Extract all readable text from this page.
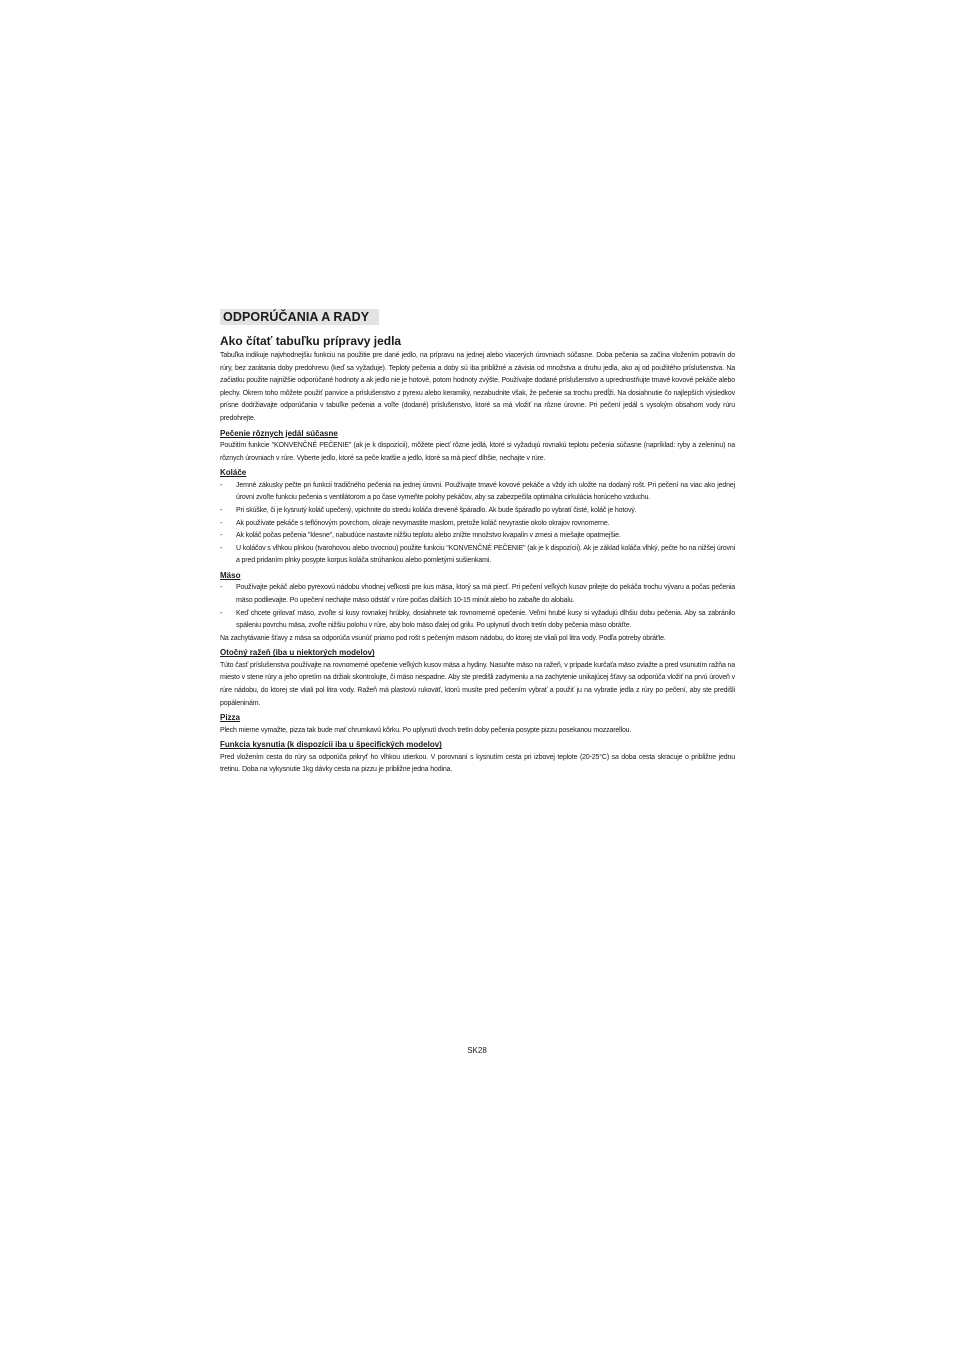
ODPORÚČANIA A RADY
Ako čítať tabuľku prípravy jedla

Tabuľka indikuje najvhodnejšiu funkciu na použitie pre dané jedlo, na prípravu na jednej alebo viacerých úrovniach súčasne. Doba pečenia sa začína vložením potravín do rúry, bez zarátania doby predohrevu (keď sa vyžaduje). Teploty pečenia a doby sú iba približné a závisia od množstva a druhu jedla, ako aj od použitého príslušenstva. Na začiatku použite najnižšie odporúčané hodnoty a ak jedlo nie je hotové, potom hodnoty zvýšte. Používajte dodané príslušenstvo a uprednostňujte tmavé kovové pekáče alebo plechy. Okrem toho môžete použiť panvice a príslušenstvo z pyrexu alebo keramiky, nezabudnite však, že pečenie sa trochu predĺži. Na dosiahnutie čo najlepších výsledkov prísne dodržiavajte odporúčania v tabuľke pečenia a voľte (dodané) príslušenstvo, ktoré sa má vložiť na rôzne úrovne. Pri pečení jedál s vysokým obsahom vody rúru predohrejte.

Pečenie rôznych jedál súčasne

Použitím funkcie "KONVENČNÉ PEČENIE" (ak je k dispozícii), môžete piecť rôzne jedlá, ktoré si vyžadujú rovnakú teplotu pečenia súčasne (napríklad: ryby a zeleninu) na rôznych úrovniach v rúre. Vyberte jedlo, ktoré sa peče kratšie a jedlo, ktoré sa má piecť dlhšie, nechajte v rúre.

Koláče
- Jemné zákusky pečte pri funkcii tradičného pečenia na jednej úrovni. Používajte tmavé kovové pekáče a vždy ich uložte na dodaný rošt. Pri pečení na viac ako jednej úrovni zvoľte funkciu pečenia s ventilátorom a po čase vymeňte polohy pekáčov, aby sa zabezpečila optimálna cirkulácia horúceho vzduchu.
- Pri skúške, či je kysnutý koláč upečený, vpichnite do stredu koláča drevené špáradlo. Ak bude špáradlo po vybratí čisté, koláč je hotový.
- Ak používate pekáče s teflónovým povrchom, okraje nevymastite maslom, pretože koláč nevyrastie okolo okrajov rovnomerne.
- Ak koláč počas pečenia "klesne", nabudúce nastavte nižšiu teplotu alebo znížte množstvo kvapalín v zmesi a miešajte opatrnejšie.
- U koláčov s vlhkou plnkou (tvarohovou alebo ovocnou) použite funkciu "KONVENČNÉ PEČENIE" (ak je k dispozícii). Ak je základ koláča vlhký, pečte ho na nižšej úrovni a pred pridaním plnky posypte korpus koláča strúhankou alebo pomletými sušienkami.
Mäso
- Používajte pekáč alebo pyrexovú nádobu vhodnej veľkosti pre kus mäsa, ktorý sa má piecť. Pri pečení veľkých kusov prilejte do pekáča trochu vývaru a počas pečenia mäso podlievajte. Po upečení nechajte mäso odstáť v rúre počas ďalších 10-15 minút alebo ho zabaľte do alobalu.
- Keď chcete grilovať mäso, zvoľte si kusy rovnakej hrúbky, dosiahnete tak rovnomerné opečenie. Veľmi hrubé kusy si vyžadujú dlhšiu dobu pečenia. Aby sa zabránilo spáleniu povrchu mäsa, zvoľte nižšiu polohu v rúre, aby bolo mäso ďalej od grilu. Po uplynutí dvoch tretín doby pečenia mäso obráťte.

Na zachytávanie šťavy z mäsa sa odporúča vsunúť priamo pod rošt s pečeným mäsom nádobu, do ktorej ste vliali pol litra vody. Podľa potreby obráťte.

Otočný ražeň (iba u niektorých modelov)

Túto časť príslušenstva používajte na rovnomerné opečenie veľkých kusov mäsa a hydiny. Nasuňte mäso na ražeň, v prípade kurčaťa mäso zviažte a pred vsunutím ražňa na miesto v stene rúry a jeho opretím na držiak skontrolujte, či mäso nespadne. Aby ste predišli zadymeniu a na zachytenie unikajúcej šťavy sa odporúča vložiť na prvú úroveň v rúre nádobu, do ktorej ste vliali pol litra vody. Ražeň má plastovú rukoväť, ktorú musíte pred pečením vybrať a použiť ju na vybratie jedla z rúry po pečení, aby ste predišli popáleninám.

Pizza

Plech mierne vymažte, pizza tak bude mať chrumkavú kôrku. Po uplynutí dvoch tretín doby pečenia posypte pizzu posekanou mozzarellou.

Funkcia kysnutia (k dispozícii iba u špecifických modelov)

Pred vložením cesta do rúry sa odporúča prikryť ho vlhkou utierkou. V porovnaní s kysnutím cesta pri izbovej teplote (20-25°C) sa doba cesta skracuje o približne jednu tretinu. Doba na vykysnutie 1kg dávky cesta na pizzu je približne jedna hodina.

SK28
